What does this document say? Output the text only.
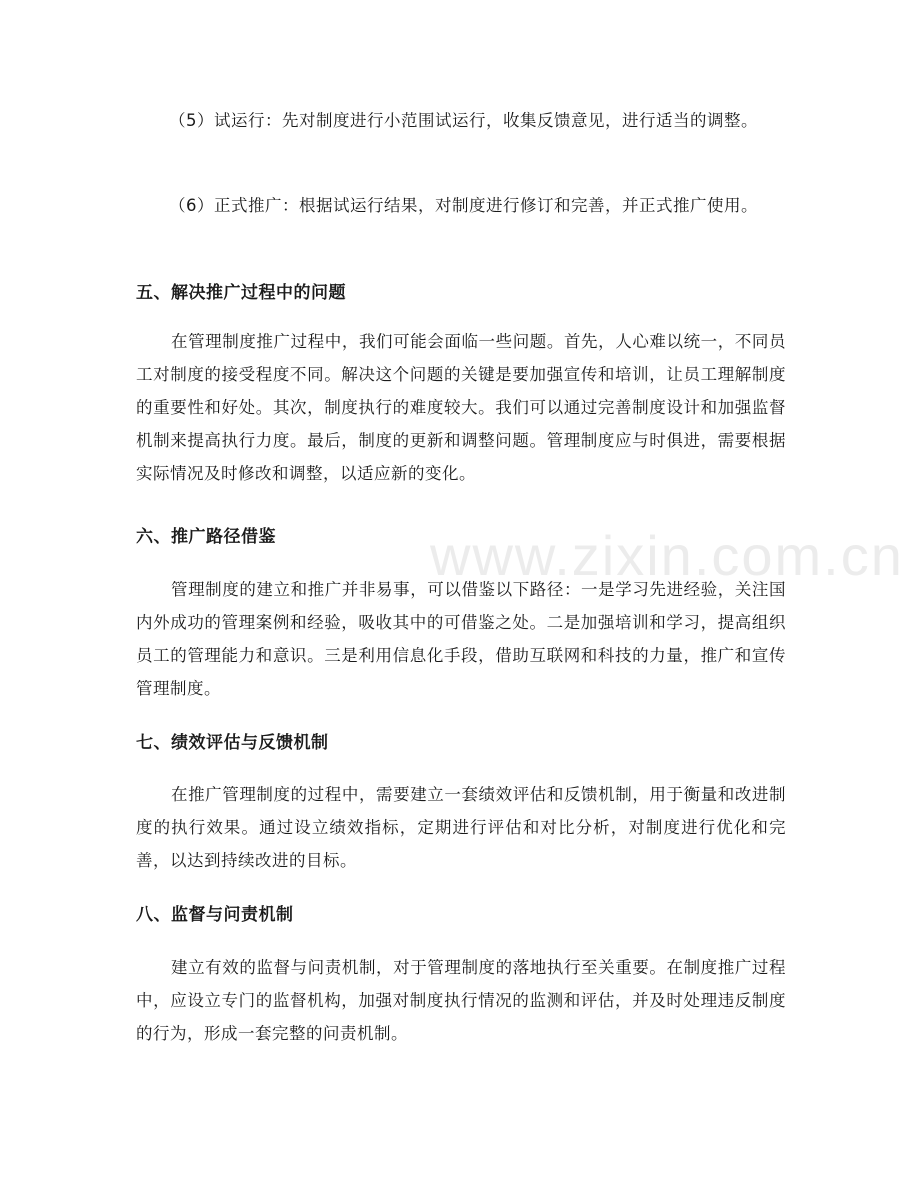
www.zixin.com.cn

（5）试运行：先对制度进行小范围试运行，收集反馈意见，进行适当的调整。

（6）正式推广：根据试运行结果，对制度进行修订和完善，并正式推广使用。

五、解决推广过程中的问题

在管理制度推广过程中，我们可能会面临一些问题。首先，人心难以统一，不同员工对制度的接受程度不同。解决这个问题的关键是要加强宣传和培训，让员工理解制度的重要性和好处。其次，制度执行的难度较大。我们可以通过完善制度设计和加强监督机制来提高执行力度。最后，制度的更新和调整问题。管理制度应与时俱进，需要根据实际情况及时修改和调整，以适应新的变化。

六、推广路径借鉴

管理制度的建立和推广并非易事，可以借鉴以下路径：一是学习先进经验，关注国内外成功的管理案例和经验，吸收其中的可借鉴之处。二是加强培训和学习，提高组织员工的管理能力和意识。三是利用信息化手段，借助互联网和科技的力量，推广和宣传管理制度。

七、绩效评估与反馈机制

在推广管理制度的过程中，需要建立一套绩效评估和反馈机制，用于衡量和改进制度的执行效果。通过设立绩效指标，定期进行评估和对比分析，对制度进行优化和完善，以达到持续改进的目标。

八、监督与问责机制

建立有效的监督与问责机制，对于管理制度的落地执行至关重要。在制度推广过程中，应设立专门的监督机构，加强对制度执行情况的监测和评估，并及时处理违反制度的行为，形成一套完整的问责机制。
